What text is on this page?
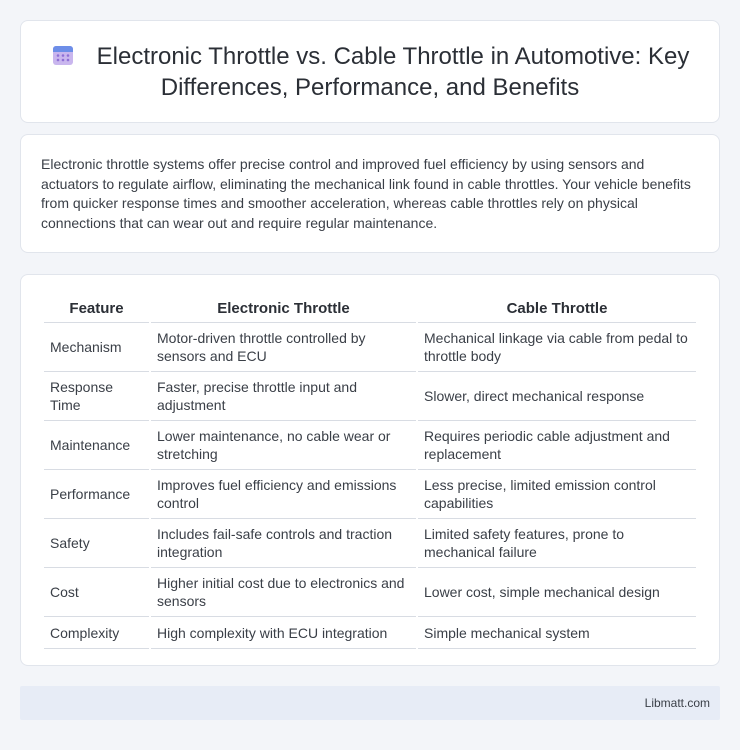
Electronic Throttle vs. Cable Throttle in Automotive: Key Differences, Performance, and Benefits

Electronic throttle systems offer precise control and improved fuel efficiency by using sensors and actuators to regulate airflow, eliminating the mechanical link found in cable throttles. Your vehicle benefits from quicker response times and smoother acceleration, whereas cable throttles rely on physical connections that can wear out and require regular maintenance.

Feature	Electronic Throttle	Cable Throttle
Mechanism	Motor-driven throttle controlled by sensors and ECU	Mechanical linkage via cable from pedal to throttle body
Response Time	Faster, precise throttle input and adjustment	Slower, direct mechanical response
Maintenance	Lower maintenance, no cable wear or stretching	Requires periodic cable adjustment and replacement
Performance	Improves fuel efficiency and emissions control	Less precise, limited emission control capabilities
Safety	Includes fail-safe controls and traction integration	Limited safety features, prone to mechanical failure
Cost	Higher initial cost due to electronics and sensors	Lower cost, simple mechanical design
Complexity	High complexity with ECU integration	Simple mechanical system
Libmatt.com
